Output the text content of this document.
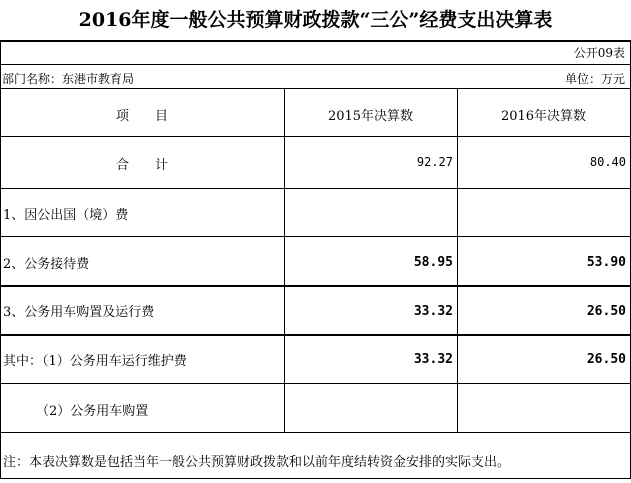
2016年度一般公共预算财政拨款“三公”经费支出决算表
公开09表
部门名称：东港市教育局	单位：万元
项　　目	2015年决算数	2016年决算数
合　　计	92.27	80.40
1、因公出国（境）费
2、公务接待费	58.95	53.90
3、公务用车购置及运行费	33.32	26.50
其中：（1）公务用车运行维护费	33.32	26.50
（2）公务用车购置
注：本表决算数是包括当年一般公共预算财政拨款和以前年度结转资金安排的实际支出。
